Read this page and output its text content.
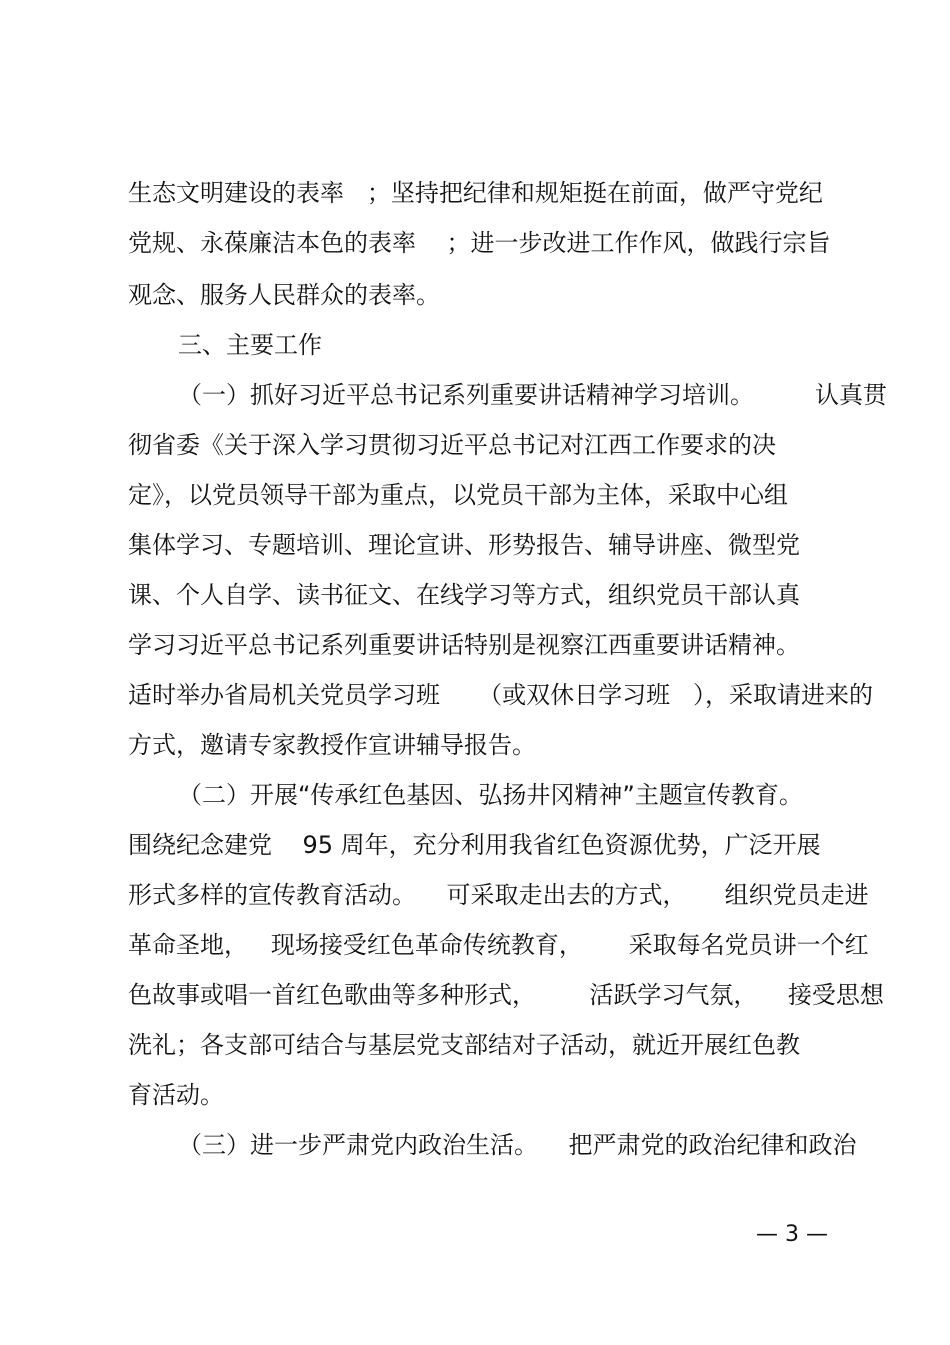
生态文明建设的表率   ；坚持把纪律和规矩挺在前面，做严守党纪
党规、永葆廉洁本色的表率    ；进一步改进工作作风，做践行宗旨
观念、服务人民群众的表率。
三、主要工作
（一）抓好习近平总书记系列重要讲话精神学习培训。        认真贯
彻省委《关于深入学习贯彻习近平总书记对江西工作要求的决
定》，以党员领导干部为重点，以党员干部为主体，采取中心组
集体学习、专题培训、理论宣讲、形势报告、辅导讲座、微型党
课、个人自学、读书征文、在线学习等方式，组织党员干部认真
学习习近平总书记系列重要讲话特别是视察江西重要讲话精神。
适时举办省局机关党员学习班     （或双休日学习班   ），采取请进来的
方式，邀请专家教授作宣讲辅导报告。
（二）开展“传承红色基因、弘扬井冈精神”主题宣传教育。
围绕纪念建党    95 周年，充分利用我省红色资源优势，广泛开展
形式多样的宣传教育活动。    可采取走出去的方式，     组织党员走进
革命圣地，   现场接受红色革命传统教育，      采取每名党员讲一个红
色故事或唱一首红色歌曲等多种形式，       活跃学习气氛，    接受思想
洗礼；各支部可结合与基层党支部结对子活动，就近开展红色教
育活动。
（三）进一步严肃党内政治生活。    把严肃党的政治纪律和政治
— 3 —
